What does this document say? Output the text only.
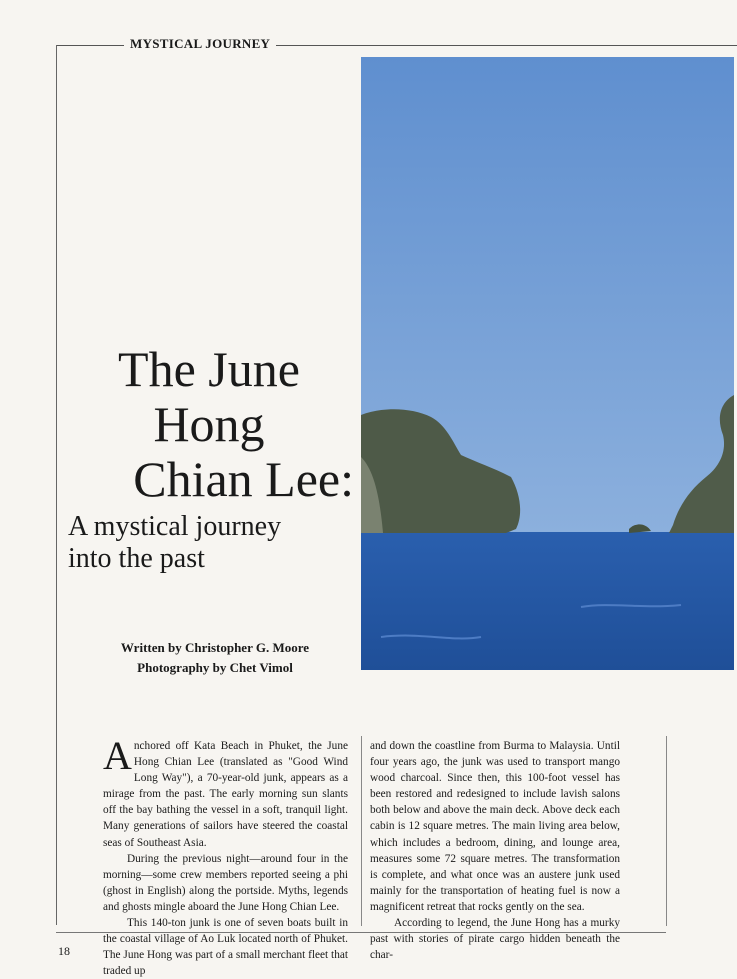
MYSTICAL JOURNEY
The June
Hong
Chian Lee:
A mystical journey
into the past
Written by Christopher G. Moore
Photography by Chet Vimol

Anchored off Kata Beach in Phuket, the June Hong Chian Lee (translated as "Good Wind Long Way"), a 70-year-old junk, appears as a mirage from the past. The early morning sun slants off the bay bathing the vessel in a soft, tranquil light. Many generations of sailors have steered the coastal seas of Southeast Asia.

During the previous night—around four in the morning—some crew members reported seeing a phi (ghost in English) along the portside. Myths, legends and ghosts mingle aboard the June Hong Chian Lee.

This 140-ton junk is one of seven boats built in the coastal village of Ao Luk located north of Phuket. The June Hong was part of a small merchant fleet that traded up

and down the coastline from Burma to Malaysia. Until four years ago, the junk was used to transport mango wood charcoal. Since then, this 100-foot vessel has been restored and redesigned to include lavish salons both below and above the main deck. Above deck each cabin is 12 square metres. The main living area below, which includes a bedroom, dining, and lounge area, measures some 72 square metres. The transformation is complete, and what once was an austere junk used mainly for the transportation of heating fuel is now a magnificent retreat that rocks gently on the sea.

According to legend, the June Hong has a murky past with stories of pirate cargo hidden beneath the char-

18
